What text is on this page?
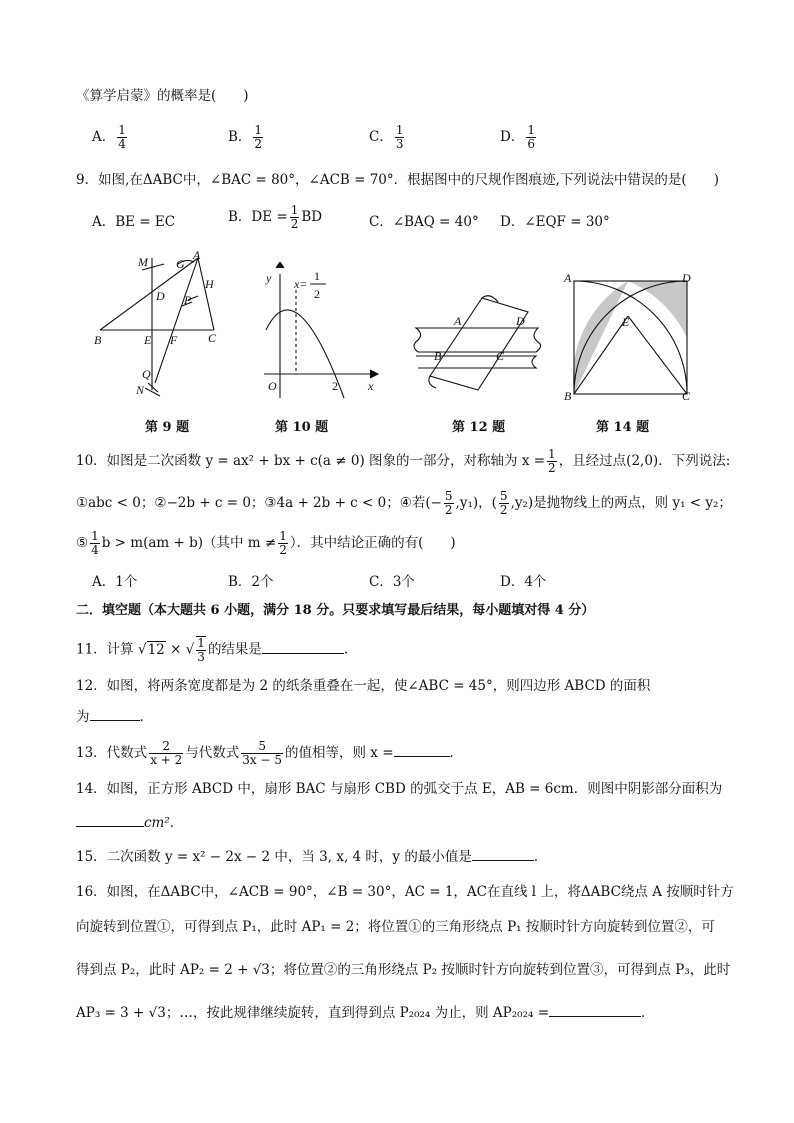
《算学启蒙》的概率是(　　)
A． $\frac{1}{4}$	B． $\frac{1}{2}$	C． $\frac{1}{3}$	D． $\frac{1}{6}$
9．如图,在ΔABC中，∠BAC = 80°，∠ACB = 70°．根据图中的尺规作图痕迹,下列说法中错误的是(　　)
A．BE = EC	B．DE = $\frac{1}{2}$ BD	C．∠BAQ = 40° D．∠EQF = 30°
M G
A
H
D P
B	E F	C
Q
N
第 9 题
y x=
1
2
O	2	x
第 10 题
A	D
B	C
第 12 题
A	D
E
B	C
第 14 题
10．如图是二次函数 y = ax² + bx + c(a ≠ 0) 图象的一部分，对称轴为 $x = \frac{1}{2}$ ，且经过点(2,0)．下列说法:
①abc < 0；②−2b + c = 0；③4a + 2b + c < 0；④若(− $\frac{5}{2} ,y_1$)，( $\frac{5}{2} ,y_2$)是抛物线上的两点，则 y₁ < y₂；
⑤ $\frac{1}{4}$ b > m(am + b)（其中 $m \ne \frac{1}{2}$ ）．其中结论正确的有(　　)
A．1个	B．2个	C．3个	D．4个
二．填空题（本大题共 6 小题，满分 18 分。只要求填写最后结果，每小题填对得 4 分）
11．计算 √12 × √ $\frac{1}{3}$ 的结果是	．
12．如图，将两条宽度都是为 2 的纸条重叠在一起，使∠ABC = 45°，则四边形 ABCD 的面积
为	．
13．代数式 $\frac{2}{x + 2}$ 与代数式 $\frac{5}{3x - 5}$ 的值相等，则 x =	．
14．如图，正方形 ABCD 中，扇形 BAC 与扇形 CBD 的弧交于点 E，AB = 6cm．则图中阴影部分面积为
cm²．
15．二次函数 y = x² − 2x − 2 中，当 3, x, 4 时，y 的最小值是	．
16．如图，在ΔABC中，∠ACB = 90°，∠B = 30°，AC = 1，AC在直线 l 上，将ΔABC绕点 A 按顺时针方
向旋转到位置①，可得到点 P₁，此时 AP₁ = 2；将位置①的三角形绕点 P₁ 按顺时针方向旋转到位置②，可
得到点 P₂，此时 AP₂ = 2 + √3；将位置②的三角形绕点 P₂ 按顺时针方向旋转到位置③，可得到点 P₃，此时
AP₃ = 3 + √3；…，按此规律继续旋转，直到得到点 P₂₀₂₄ 为止，则 AP₂₀₂₄ =	．
